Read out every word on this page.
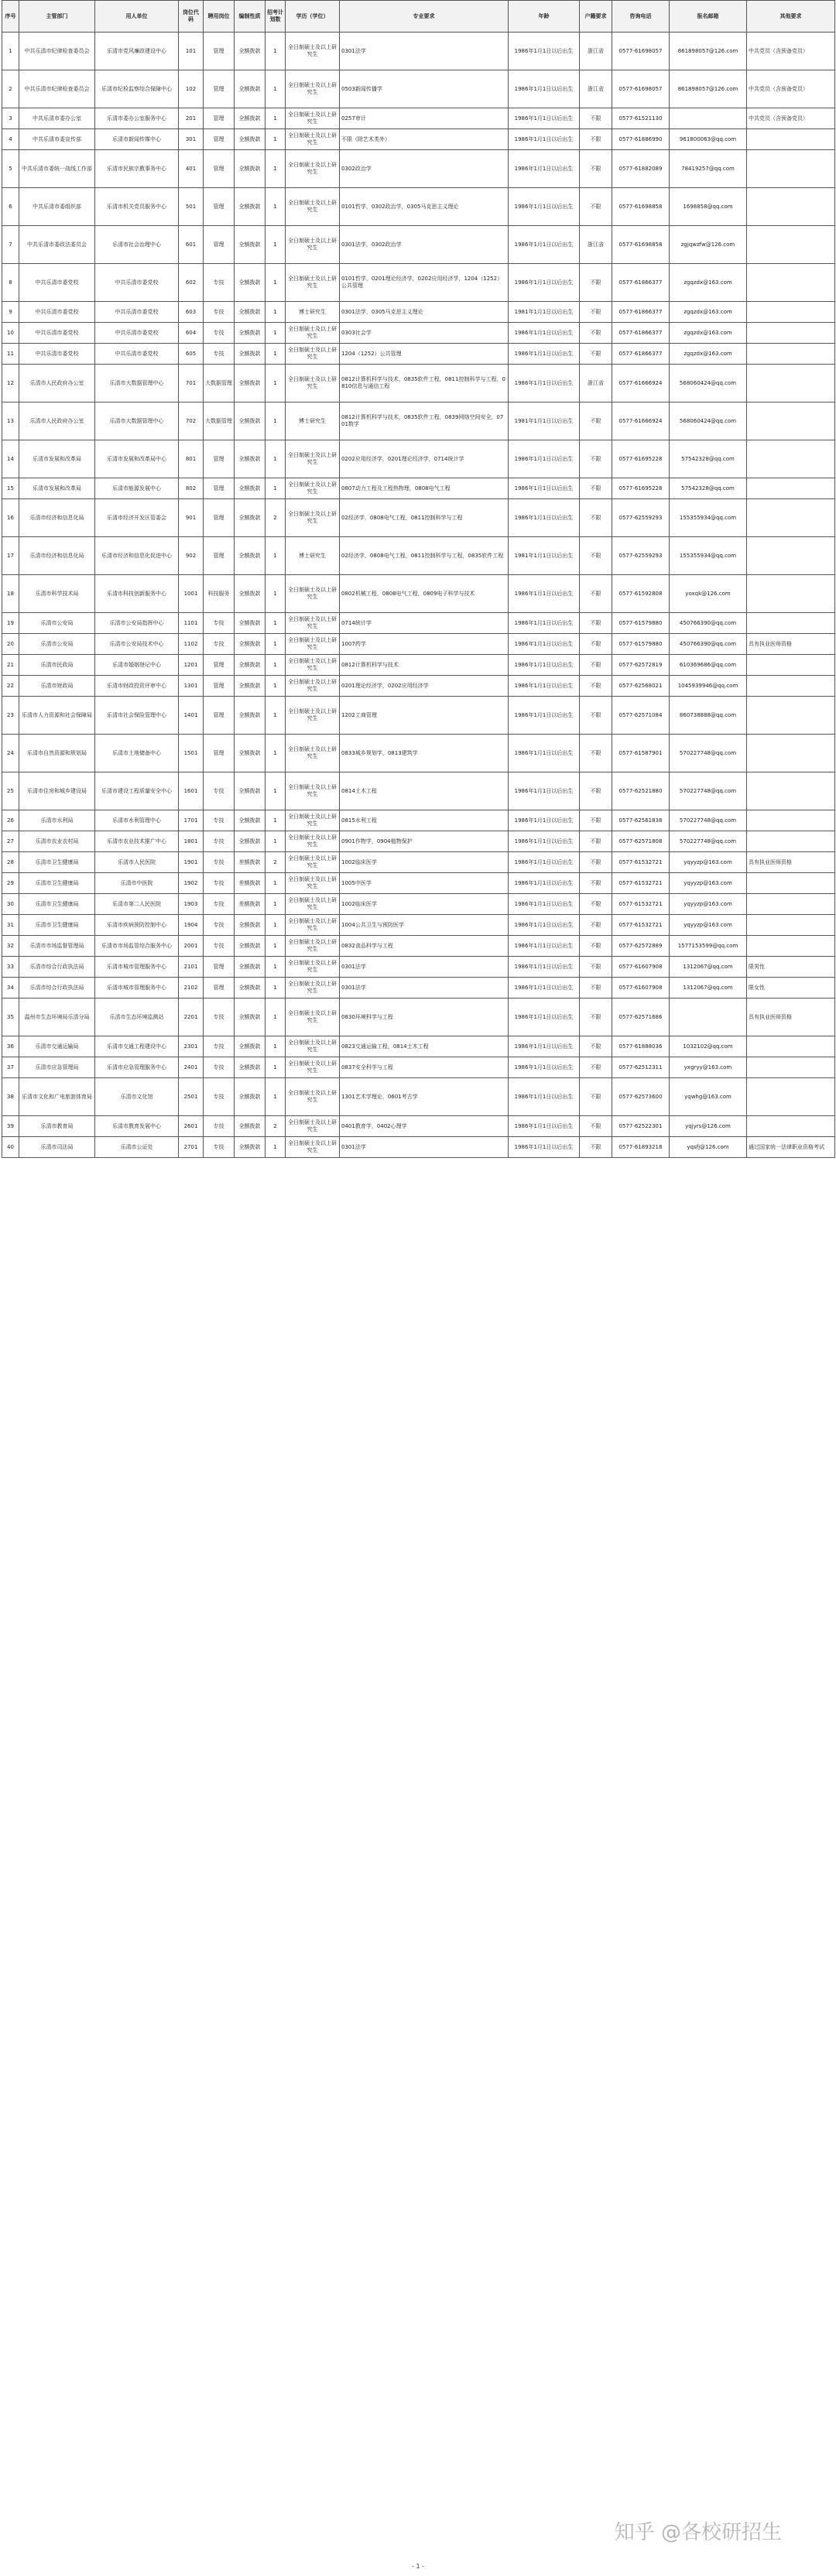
序号	主管部门	用人单位	岗位代码	聘用岗位	编制性质	招考计划数	学历（学位）	专业要求	年龄	户籍要求	咨询电话	报名邮箱	其他要求
1	中共乐清市纪律检查委员会	乐清市党风廉政建设中心	101	管理	全额拨款	1	全日制硕士及以上研究生	0301法学	1986年1月1日以后出生	浙江省	0577-61698057	861898057@126.com	中共党员（含预备党员）
2	中共乐清市纪律检查委员会	乐清市纪检监察综合保障中心	102	管理	全额拨款	1	全日制硕士及以上研究生	0503新闻传播学	1986年1月1日以后出生	浙江省	0577-61698057	861898057@126.com	中共党员（含预备党员）
3	中共乐清市委办公室	乐清市委办公室服务中心	201	管理	全额拨款	1	全日制硕士及以上研究生	0257审计	1986年1月1日以后出生	不限	0577-61521130		中共党员（含预备党员）
4	中共乐清市委宣传部	乐清市新闻传媒中心	301	管理	全额拨款	1	全日制硕士及以上研究生	不限（除艺术类外）	1986年1月1日以后出生	不限	0577-61886990	961800063@qq.com	
5	中共乐清市委统一战线工作部	乐清市民族宗教事务中心	401	管理	全额拨款	1	全日制硕士及以上研究生	0302政治学	1986年1月1日以后出生	不限	0577-61882089	78419257@qq.com	
6	中共乐清市委组织部	乐清市机关党员服务中心	501	管理	全额拨款	1	全日制硕士及以上研究生	0101哲学，0302政治学，0305马克思主义理论	1986年1月1日以后出生	不限	0577-61698858	1698858@qq.com	
7	中共乐清市委政法委员会	乐清市社会治理中心	601	管理	全额拨款	1	全日制硕士及以上研究生	0301法学，0302政治学	1986年1月1日以后出生	浙江省	0577-61698858	zgjqwzfw@126.com	
8	中共乐清市委党校	中共乐清市委党校	602	专技	全额拨款	1	全日制硕士及以上研究生	0101哲学，0201理论经济学，0202应用经济学，1204（1252）公共管理	1986年1月1日以后出生	不限	0577-61866377	zgqzdx@163.com	
9	中共乐清市委党校	中共乐清市委党校	603	专技	全额拨款	1	博士研究生	0301法学，0305马克思主义理论	1981年1月1日以后出生	不限	0577-61866377	zgqzdx@163.com	
10	中共乐清市委党校	中共乐清市委党校	604	专技	全额拨款	1	全日制硕士及以上研究生	0303社会学	1986年1月1日以后出生	不限	0577-61866377	zgqzdx@163.com	
11	中共乐清市委党校	中共乐清市委党校	605	专技	全额拨款	1	全日制硕士及以上研究生	1204（1252）公共管理	1986年1月1日以后出生	不限	0577-61866377	zgqzdx@163.com	
12	乐清市人民政府办公室	乐清市大数据管理中心	701	大数据管理	全额拨款	1	全日制硕士及以上研究生	0812计算机科学与技术，0835软件工程，0811控制科学与工程，0810信息与通信工程	1986年1月1日以后出生	浙江省	0577-61666924	568060424@qq.com	
13	乐清市人民政府办公室	乐清市大数据管理中心	702	大数据管理	全额拨款	1	博士研究生	0812计算机科学与技术，0835软件工程，0839网络空间安全，0701数学	1981年1月1日以后出生	不限	0577-61666924	568060424@qq.com	
14	乐清市发展和改革局	乐清市发展和改革局中心	801	管理	全额拨款	1	全日制硕士及以上研究生	0202应用经济学，0201理论经济学，0714统计学	1986年1月1日以后出生	不限	0577-61695228	57542328@qq.com	
15	乐清市发展和改革局	乐清市能源发展中心	802	管理	全额拨款	1	全日制硕士及以上研究生	0807动力工程及工程热物理，0808电气工程	1986年1月1日以后出生	不限	0577-61695228	57542328@qq.com	
16	乐清市经济和信息化局	乐清市经济开发区管委会	901	管理	全额拨款	2	全日制硕士及以上研究生	02经济学，0808电气工程，0811控制科学与工程	1986年1月1日以后出生	不限	0577-62559293	155355934@qq.com	
17	乐清市经济和信息化局	乐清市经济和信息化促进中心	902	管理	全额拨款	1	博士研究生	02经济学，0808电气工程，0811控制科学与工程，0835软件工程	1981年1月1日以后出生	不限	0577-62559293	155355934@qq.com	
18	乐清市科学技术局	乐清市科技创新服务中心	1001	科技服务	全额拨款	1	全日制硕士及以上研究生	0802机械工程，0808电气工程，0809电子科学与技术	1986年1月1日以后出生	不限	0577-61592808	yoxqk@126.com	
19	乐清市公安局	乐清市公安局指挥中心	1101	专技	全额拨款	1	全日制硕士及以上研究生	0714统计学	1986年1月1日以后出生	不限	0577-61579880	450766390@qq.com	
20	乐清市公安局	乐清市公安局技术中心	1102	专技	全额拨款	1	全日制硕士及以上研究生	1007药学	1986年1月1日以后出生	不限	0577-61579880	450766390@qq.com	具有执业医师资格
21	乐清市民政局	乐清市婚姻登记中心	1201	管理	全额拨款	1	全日制硕士及以上研究生	0812计算机科学与技术	1986年1月1日以后出生	不限	0577-62572819	610369686@qq.com	
22	乐清市财政局	乐清市财政投资评审中心	1301	管理	全额拨款	1	全日制硕士及以上研究生	0201理论经济学，0202应用经济学	1986年1月1日以后出生	不限	0577-62568021	1045939946@qq.com	
23	乐清市人力资源和社会保障局	乐清市社会保险管理中心	1401	管理	全额拨款	1	全日制硕士及以上研究生	1202工商管理	1986年1月1日以后出生	不限	0577-62571084	860738888@qq.com	
24	乐清市自然资源和规划局	乐清市土地储备中心	1501	管理	全额拨款	1	全日制硕士及以上研究生	0833城乡规划学，0813建筑学	1986年1月1日以后出生	不限	0577-61587901	570227748@qq.com	
25	乐清市住房和城乡建设局	乐清市建设工程质量安全中心	1601	专技	全额拨款	1	全日制硕士及以上研究生	0814土木工程	1986年1月1日以后出生	不限	0577-62521880	570227748@qq.com	
26	乐清市水利局	乐清市水利管理中心	1701	专技	全额拨款	1	全日制硕士及以上研究生	0815水利工程	1986年1月1日以后出生	不限	0577-62561838	570227748@qq.com	
27	乐清市农业农村局	乐清市农业技术推广中心	1801	专技	全额拨款	1	全日制硕士及以上研究生	0901作物学，0904植物保护	1986年1月1日以后出生	不限	0577-62571808	570227748@qq.com	
28	乐清市卫生健康局	乐清市人民医院	1901	专技	差额拨款	2	全日制硕士及以上研究生	1002临床医学	1986年1月1日以后出生	不限	0577-61532721	yqyyzp@163.com	具有执业医师资格
29	乐清市卫生健康局	乐清市中医院	1902	专技	差额拨款	1	全日制硕士及以上研究生	1005中医学	1986年1月1日以后出生	不限	0577-61532721	yqyyzp@163.com	
30	乐清市卫生健康局	乐清市第二人民医院	1903	专技	差额拨款	1	全日制硕士及以上研究生	1002临床医学	1986年1月1日以后出生	不限	0577-61532721	yqyyzp@163.com	
31	乐清市卫生健康局	乐清市疾病预防控制中心	1904	专技	全额拨款	1	全日制硕士及以上研究生	1004公共卫生与预防医学	1986年1月1日以后出生	不限	0577-61532721	yqyyzp@163.com	
32	乐清市市场监督管理局	乐清市市场监管综合服务中心	2001	专技	全额拨款	1	全日制硕士及以上研究生	0832食品科学与工程	1986年1月1日以后出生	不限	0577-62572889	1577153599@qq.com	
33	乐清市综合行政执法局	乐清市城市管理服务中心	2101	管理	全额拨款	1	全日制硕士及以上研究生	0301法学	1986年1月1日以后出生	不限	0577-61607908	1312067@qq.com	限男性
34	乐清市综合行政执法局	乐清市城市管理服务中心	2102	管理	全额拨款	1	全日制硕士及以上研究生	0301法学	1986年1月1日以后出生	不限	0577-61607908	1312067@qq.com	限女性
35	温州市生态环境局乐清分局	乐清市生态环境监测站	2201	专技	全额拨款	1	全日制硕士及以上研究生	0830环境科学与工程	1986年1月1日以后出生	不限	0577-62571686		具有执业医师资格
36	乐清市交通运输局	乐清市交通工程建设中心	2301	专技	全额拨款	1	全日制硕士及以上研究生	0823交通运输工程，0814土木工程	1986年1月1日以后出生	不限	0577-61888036	1032102@qq.com	
37	乐清市应急管理局	乐清市应急管理服务中心	2401	专技	全额拨款	1	全日制硕士及以上研究生	0837安全科学与工程	1986年1月1日以后出生	不限	0577-62512311	yxgryy@163.com	
38	乐清市文化和广电旅游体育局	乐清市文化馆	2501	专技	全额拨款	1	全日制硕士及以上研究生	1301艺术学理论，0601考古学	1986年1月1日以后出生	不限	0577-62573600	yqwhg@163.com	
39	乐清市教育局	乐清市教育发展中心	2601	专技	全额拨款	2	全日制硕士及以上研究生	0401教育学，0402心理学	1986年1月1日以后出生	不限	0577-62522301	yqjyrs@126.com	
40	乐清市司法局	乐清市公证处	2701	专技	全额拨款	1	全日制硕士及以上研究生	0301法学	1986年1月1日以后出生	不限	0577-61893218	yqsfj@126.com	通过国家统一法律职业资格考试
- 1 -
知乎 @各校研招生
